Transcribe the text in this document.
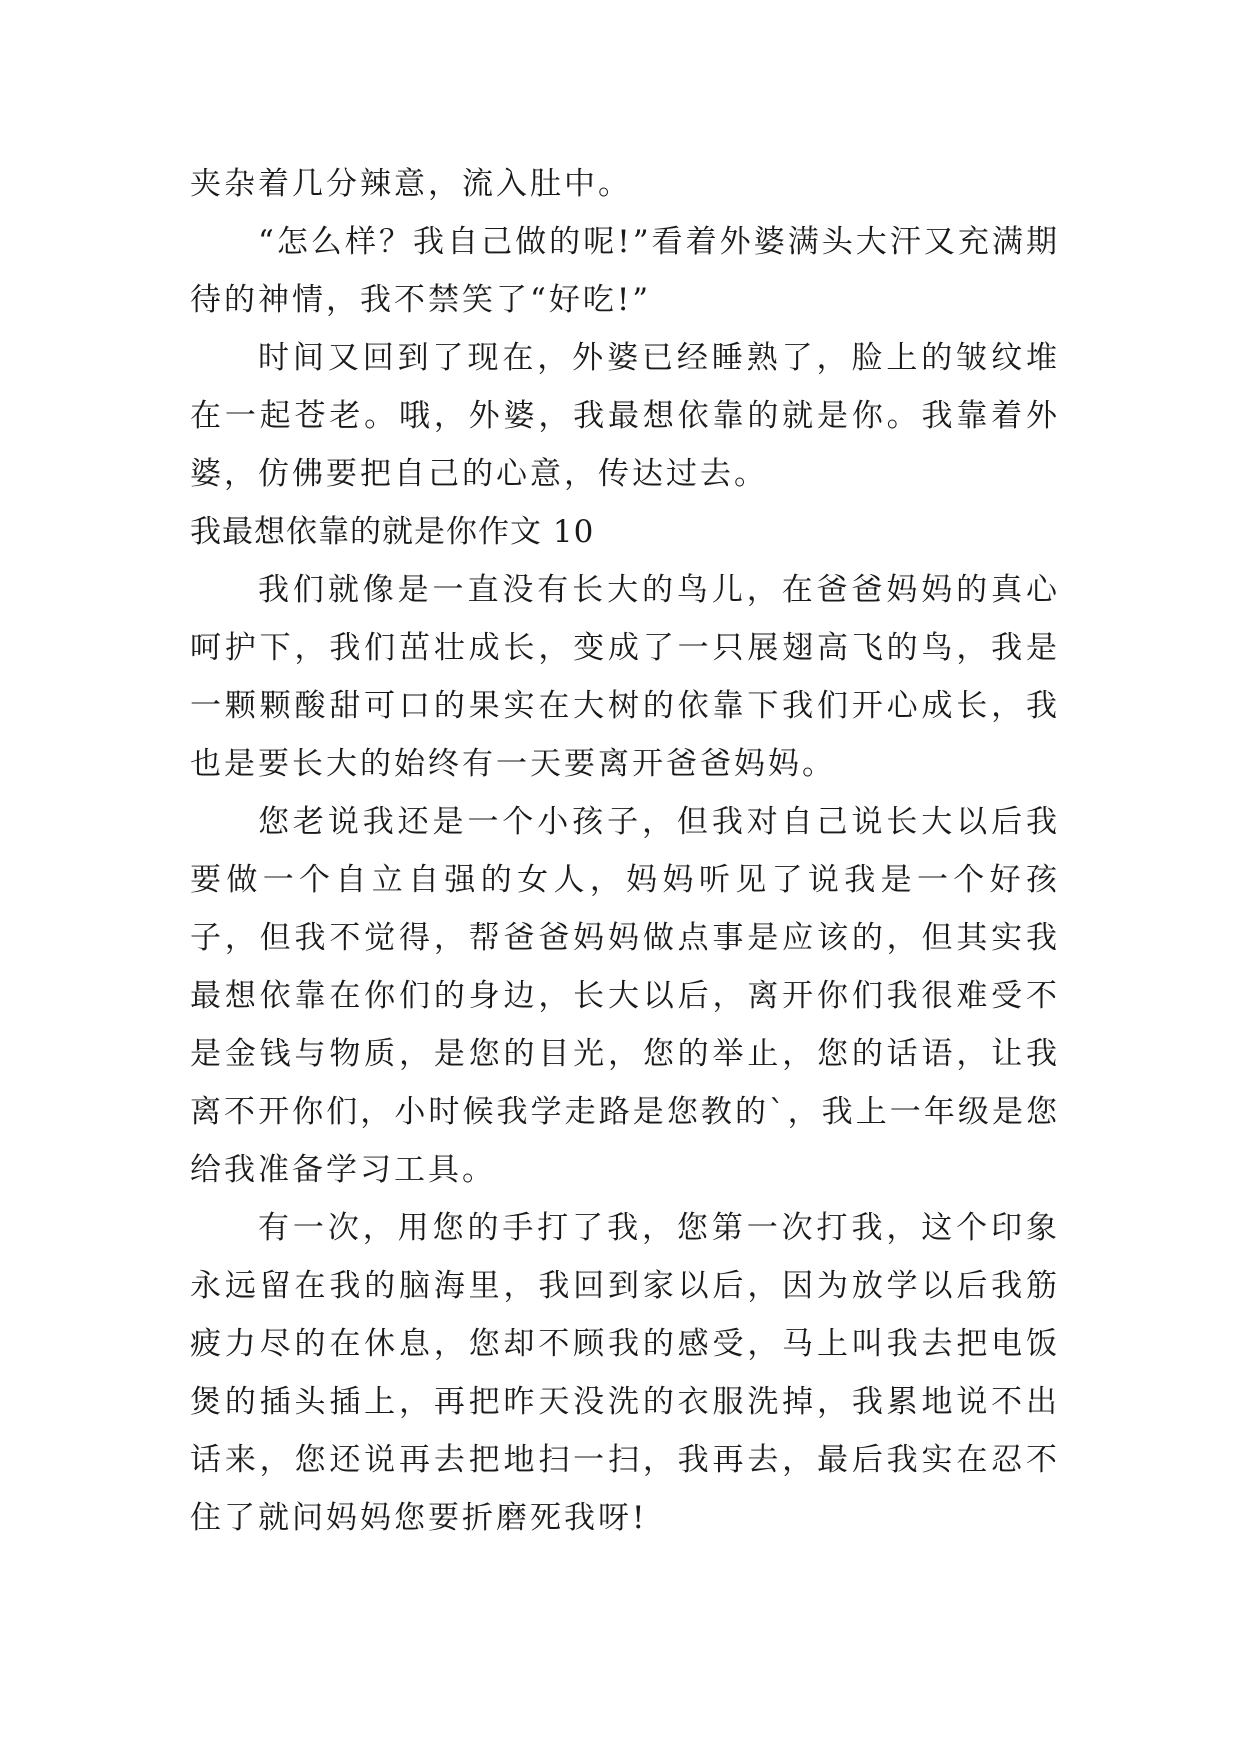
夹杂着几分辣意，流入肚中。

“怎么样？我自己做的呢!”看着外婆满头大汗又充满期待的神情，我不禁笑了“好吃!”

时间又回到了现在，外婆已经睡熟了，脸上的皱纹堆在一起苍老。哦，外婆，我最想依靠的就是你。我靠着外婆，仿佛要把自己的心意，传达过去。

我最想依靠的就是你作文 10

我们就像是一直没有长大的鸟儿，在爸爸妈妈的真心呵护下，我们茁壮成长，变成了一只展翅高飞的鸟，我是一颗颗酸甜可口的果实在大树的依靠下我们开心成长，我也是要长大的始终有一天要离开爸爸妈妈。

您老说我还是一个小孩子，但我对自己说长大以后我要做一个自立自强的女人，妈妈听见了说我是一个好孩子，但我不觉得，帮爸爸妈妈做点事是应该的，但其实我最想依靠在你们的身边，长大以后，离开你们我很难受不是金钱与物质，是您的目光，您的举止，您的话语，让我离不开你们，小时候我学走路是您教的`，我上一年级是您给我准备学习工具。

有一次，用您的手打了我，您第一次打我，这个印象永远留在我的脑海里，我回到家以后，因为放学以后我筋疲力尽的在休息，您却不顾我的感受，马上叫我去把电饭煲的插头插上，再把昨天没洗的衣服洗掉，我累地说不出话来，您还说再去把地扫一扫，我再去，最后我实在忍不住了就问妈妈您要折磨死我呀!
